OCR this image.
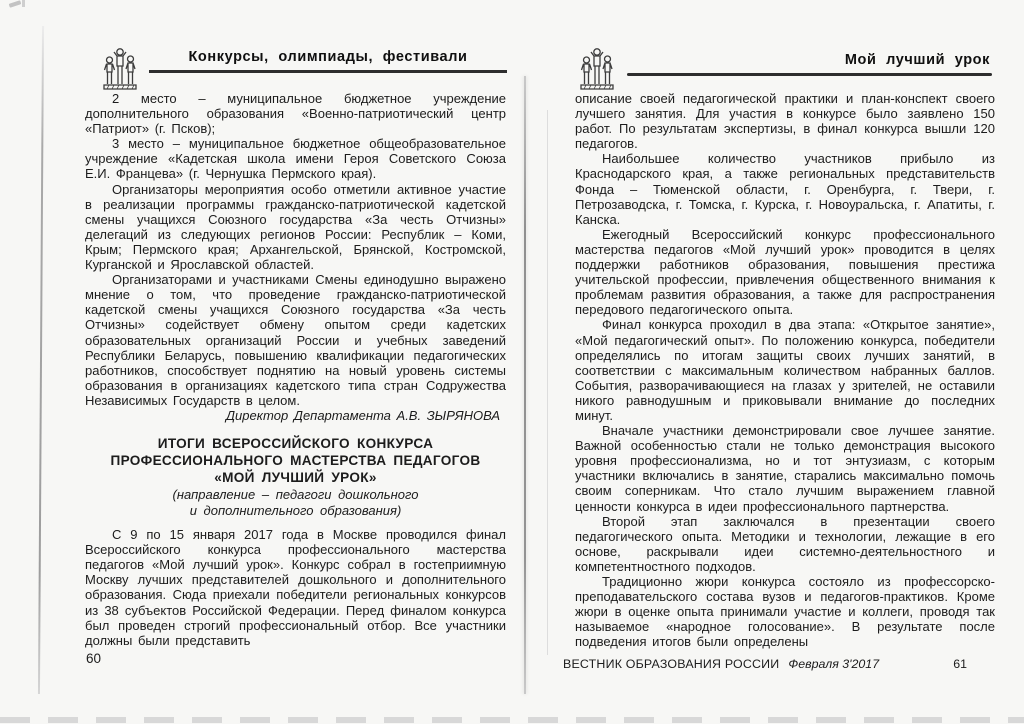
Конкурсы, олимпиады, фестивали	Мой лучший урок

2 место – муниципальное бюджетное учреждение дополнительного образования «Военно-патриотический центр «Патриот» (г. Псков);

3 место – муниципальное бюджетное общеобразовательное учреждение «Кадетская школа имени Героя Советского Союза Е.И. Францева» (г. Чернушка Пермского края).

Организаторы мероприятия особо отметили активное участие в реализации программы гражданско-патриотической кадетской смены учащихся Союзного государства «За честь Отчизны» делегаций из следующих регионов России: Республик – Коми, Крым; Пермского края; Архангельской, Брянской, Костромской, Курганской и Ярославской областей.

Организаторами и участниками Смены единодушно выражено мнение о том, что проведение гражданско-патриотической кадетской смены учащихся Союзного государства «За честь Отчизны» содействует обмену опытом среди кадетских образовательных организаций России и учебных заведений Республики Беларусь, повышению квалификации педагогических работников, способствует поднятию на новый уровень системы образования в организациях кадетского типа стран Содружества Независимых Государств в целом.

Директор Департамента А.В. ЗЫРЯНОВА

ИТОГИ ВСЕРОССИЙСКОГО КОНКУРСА
ПРОФЕССИОНАЛЬНОГО МАСТЕРСТВА ПЕДАГОГОВ
«МОЙ ЛУЧШИЙ УРОК»
(направление – педагоги дошкольного
и дополнительного образования)

С 9 по 15 января 2017 года в Москве проводился финал Всероссийского конкурса профессионального мастерства педагогов «Мой лучший урок». Конкурс собрал в гостеприимную Москву лучших представителей дошкольного и дополнительного образования. Сюда приехали победители региональных конкурсов из 38 субъектов Российской Федерации. Перед финалом конкурса был проведен строгий профессиональный отбор. Все участники должны были представить

описание своей педагогической практики и план-конспект своего лучшего занятия. Для участия в конкурсе было заявлено 150 работ. По результатам экспертизы, в финал конкурса вышли 120 педагогов.

Наибольшее количество участников прибыло из Краснодарского края, а также региональных представительств Фонда – Тюменской области, г. Оренбурга, г. Твери, г. Петрозаводска, г. Томска, г. Курска, г. Новоуральска, г. Апатиты, г. Канска.

Ежегодный Всероссийский конкурс профессионального мастерства педагогов «Мой лучший урок» проводится в целях поддержки работников образования, повышения престижа учительской профессии, привлечения общественного внимания к проблемам развития образования, а также для распространения передового педагогического опыта.

Финал конкурса проходил в два этапа: «Открытое занятие», «Мой педагогический опыт». По положению конкурса, победители определялись по итогам защиты своих лучших занятий, в соответствии с максимальным количеством набранных баллов. События, разворачивающиеся на глазах у зрителей, не оставили никого равнодушным и приковывали внимание до последних минут.

Вначале участники демонстрировали свое лучшее занятие. Важной особенностью стали не только демонстрация высокого уровня профессионализма, но и тот энтузиазм, с которым участники включались в занятие, старались максимально помочь своим соперникам. Что стало лучшим выражением главной ценности конкурса в идеи профессионального партнерства.

Второй этап заключался в презентации своего педагогического опыта. Методики и технологии, лежащие в его основе, раскрывали идеи системно-деятельностного и компетентностного подходов.

Традиционно жюри конкурса состояло из профессорско-преподавательского состава вузов и педагогов-практиков. Кроме жюри в оценке опыта принимали участие и коллеги, проводя так называемое «народное голосование». В результате после подведения итогов были определены

60	ВЕСТНИК ОБРАЗОВАНИЯ РОССИИ Февраля 3'2017	61
